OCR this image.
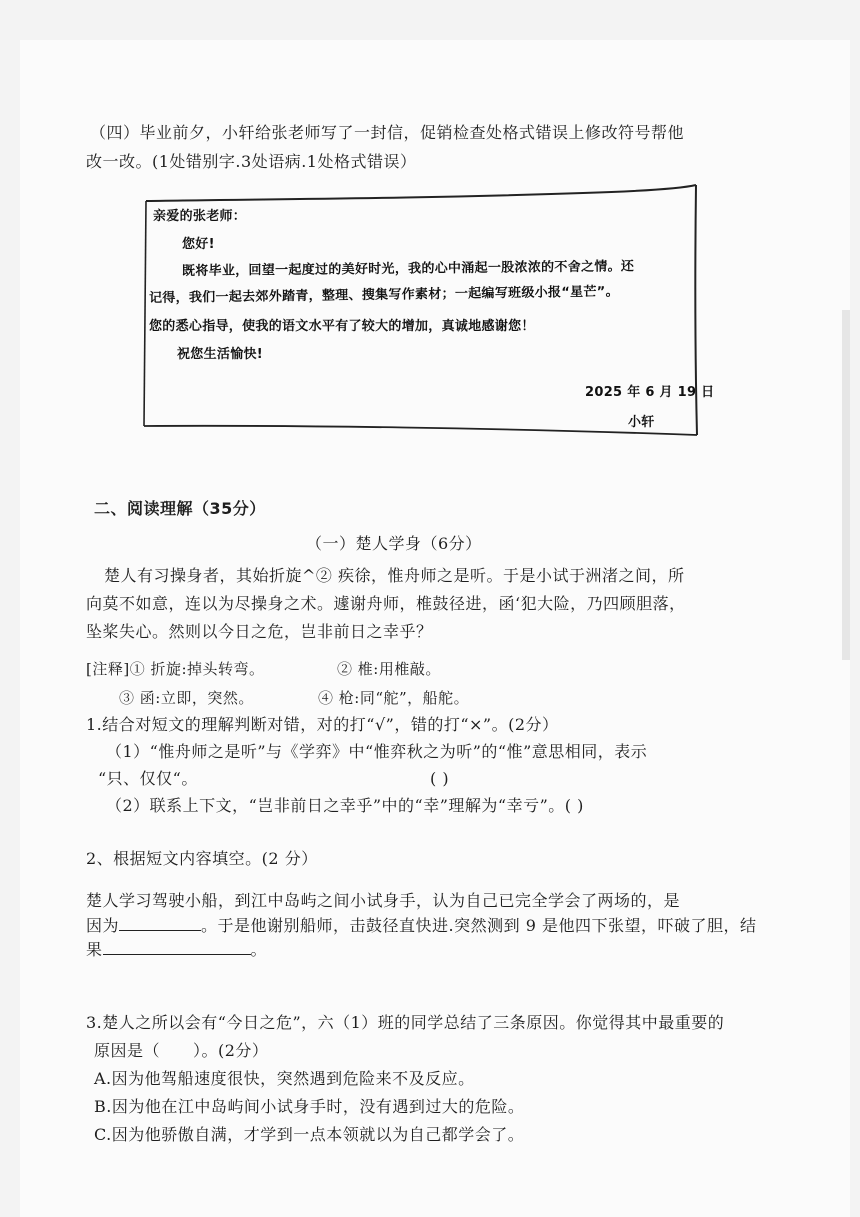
（四）毕业前夕，小轩给张老师写了一封信，促销检查处格式错误上修改符号帮他
改一改。(1处错别字.3处语病.1处格式错误）
亲爱的张老师：
您好!
既将毕业，回望一起度过的美好时光，我的心中涌起一股浓浓的不舍之情。还
记得，我们一起去郊外踏青，整理、搜集写作素材；一起编写班级小报“星芒”。
您的悉心指导，使我的语文水平有了较大的增加，真诚地感谢您！
祝您生活愉快!
2025 年 6 月 19 日
小轩
二、阅读理解（35分）
（一）楚人学身（6分）
楚人有习操身者，其始折旋^② 疾徐，惟舟师之是听。于是小试于洲渚之间，所
向莫不如意，连以为尽操身之术。遽谢舟师，椎鼓径进，函‘犯大险，乃四顾胆落，
坠桨失心。然则以今日之危，岂非前日之幸乎？
[注释]① 折旋:掉头转弯。	② 椎:用椎敲。
③ 函:立即，突然。	④ 枪:同“舵”，船舵。
1.结合对短文的理解判断对错，对的打“√”，错的打“×”。(2分）
（1）“惟舟师之是听”与《学弈》中“惟弈秋之为听”的“惟”意思相同，表示
“只、仅仅“。	( )
（2）联系上下文，“岂非前日之幸乎”中的“幸”理解为“幸亏”。( )
2、根据短文内容填空。(2 分）
楚人学习驾驶小船，到江中岛屿之间小试身手，认为自己已完全学会了两场的，是
因为	。于是他谢别船师，击鼓径直快进.突然测到 9 是他四下张望，吓破了胆，结
果	。
3.楚人之所以会有“今日之危”，六（1）班的同学总结了三条原因。你觉得其中最重要的
原因是（　　）。(2分）
A.因为他驾船速度很快，突然遇到危险来不及反应。
B.因为他在江中岛屿间小试身手时，没有遇到过大的危险。
C.因为他骄傲自满，才学到一点本领就以为自己都学会了。
